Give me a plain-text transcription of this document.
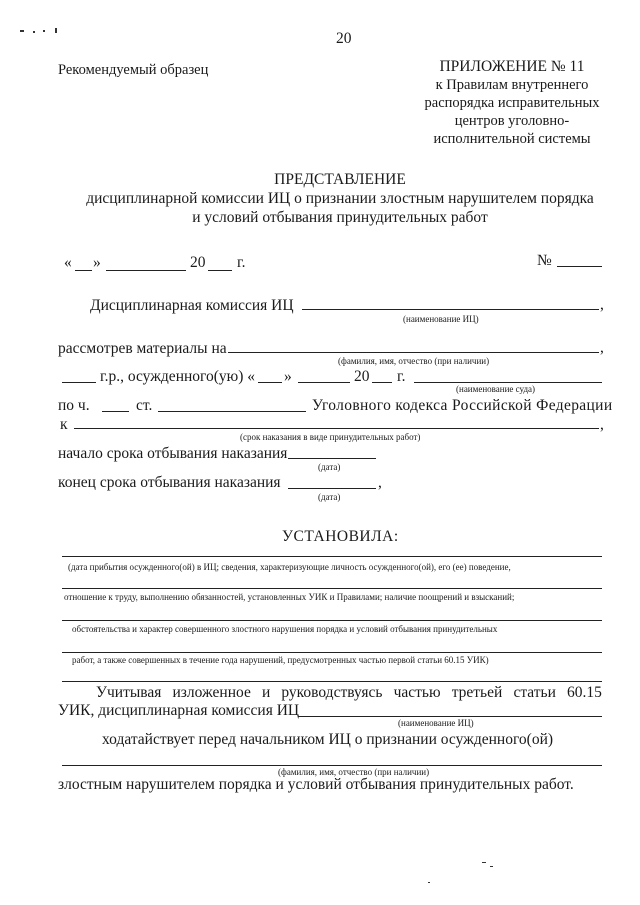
20
Рекомендуемый образец	ПРИЛОЖЕНИЕ № 11
к Правилам внутреннего
распорядка исправительных
центров уголовно-
исполнительной системы
ПРЕДСТАВЛЕНИЕ
дисциплинарной комиссии ИЦ о признании злостным нарушителем порядка
и условий отбывания принудительных работ
« »	20 г.	№
Дисциплинарная комиссия ИЦ	,
(наименование ИЦ)
рассмотрев материалы на	,
(фамилия, имя, отчество (при наличии)
г.р., осужденного(ую) « »	20 г.
(наименование суда)
по ч.	ст.	Уголовного кодекса Российской Федерации
к	,
(срок наказания в виде принудительных работ)
начало срока отбывания наказания
(дата)
конец срока отбывания наказания	,
(дата)
УСТАНОВИЛА:
(дата прибытия осужденного(ой) в ИЦ; сведения, характеризующие личность осужденного(ой), его (ее) поведение,
отношение к труду, выполнению обязанностей, установленных УИК и Правилами; наличие поощрений и взысканий;
обстоятельства и характер совершенного злостного нарушения порядка и условий отбывания принудительных
работ, а также совершенных в течение года нарушений, предусмотренных частью первой статьи 60.15 УИК)
Учитывая изложенное и руководствуясь частью третьей статьи 60.15
УИК, дисциплинарная комиссия ИЦ
(наименование ИЦ)
ходатайствует перед начальником ИЦ о признании осужденного(ой)
(фамилия, имя, отчество (при наличии)
злостным нарушителем порядка и условий отбывания принудительных работ.
